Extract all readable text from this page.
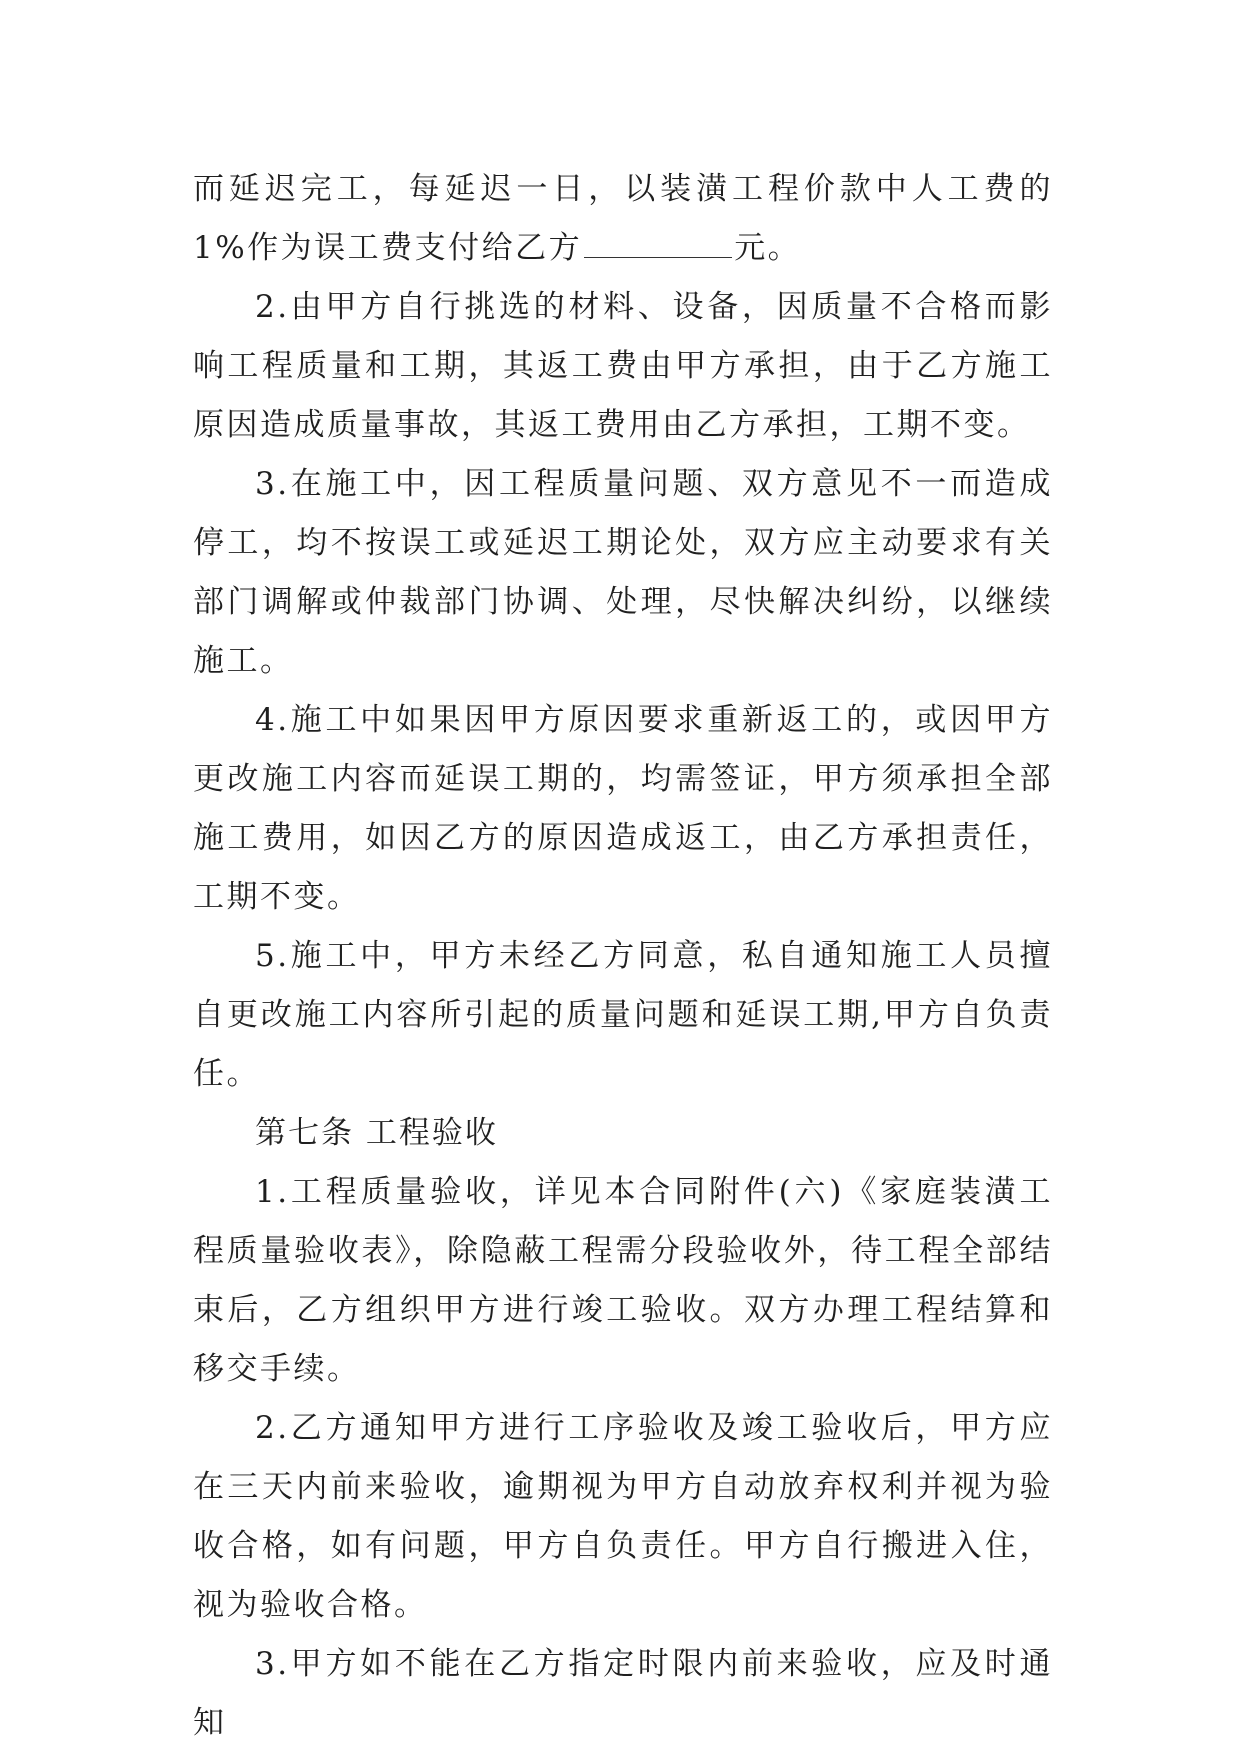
而延迟完工，每延迟一日，以装潢工程价款中人工费的 1%作为误工费支付给乙方	元。

2.由甲方自行挑选的材料、设备，因质量不合格而影响工程质量和工期，其返工费由甲方承担，由于乙方施工原因造成质量事故，其返工费用由乙方承担，工期不变。

3.在施工中，因工程质量问题、双方意见不一而造成停工，均不按误工或延迟工期论处，双方应主动要求有关部门调解或仲裁部门协调、处理，尽快解决纠纷，以继续施工。

4.施工中如果因甲方原因要求重新返工的，或因甲方更改施工内容而延误工期的，均需签证，甲方须承担全部施工费用，如因乙方的原因造成返工，由乙方承担责任，工期不变。

5.施工中，甲方未经乙方同意，私自通知施工人员擅自更改施工内容所引起的质量问题和延误工期,甲方自负责任。

第七条 工程验收

1.工程质量验收，详见本合同附件(六)《家庭装潢工程质量验收表》，除隐蔽工程需分段验收外，待工程全部结束后，乙方组织甲方进行竣工验收。双方办理工程结算和移交手续。

2.乙方通知甲方进行工序验收及竣工验收后，甲方应在三天内前来验收，逾期视为甲方自动放弃权利并视为验收合格，如有问题，甲方自负责任。甲方自行搬进入住，视为验收合格。

3.甲方如不能在乙方指定时限内前来验收，应及时通知
